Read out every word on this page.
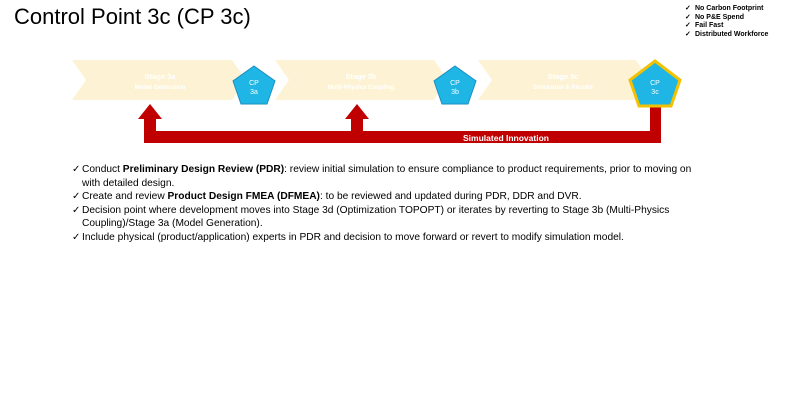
Control Point 3c (CP 3c)	✓ No Carbon Footprint
✓ No P&E Spend
✓ Fail Fast
✓ Distributed Workforce
Stage 3a
Model Generation
Stage 3b
Multi-Physics Coupling
Stage 3c
Simulation & Results
Simulated Innovation
CP
3a
CP
3b
CP
3c
✓ Conduct Preliminary Design Review (PDR): review initial simulation to ensure compliance to product requirements, prior to moving on with detailed design.
✓ Create and review Product Design FMEA (DFMEA): to be reviewed and updated during PDR, DDR and DVR.
✓ Decision point where development moves into Stage 3d (Optimization TOPOPT) or iterates by reverting to Stage 3b (Multi-Physics Coupling)/Stage 3a (Model Generation).
✓ Include physical (product/application) experts in PDR and decision to move forward or revert to modify simulation model.
